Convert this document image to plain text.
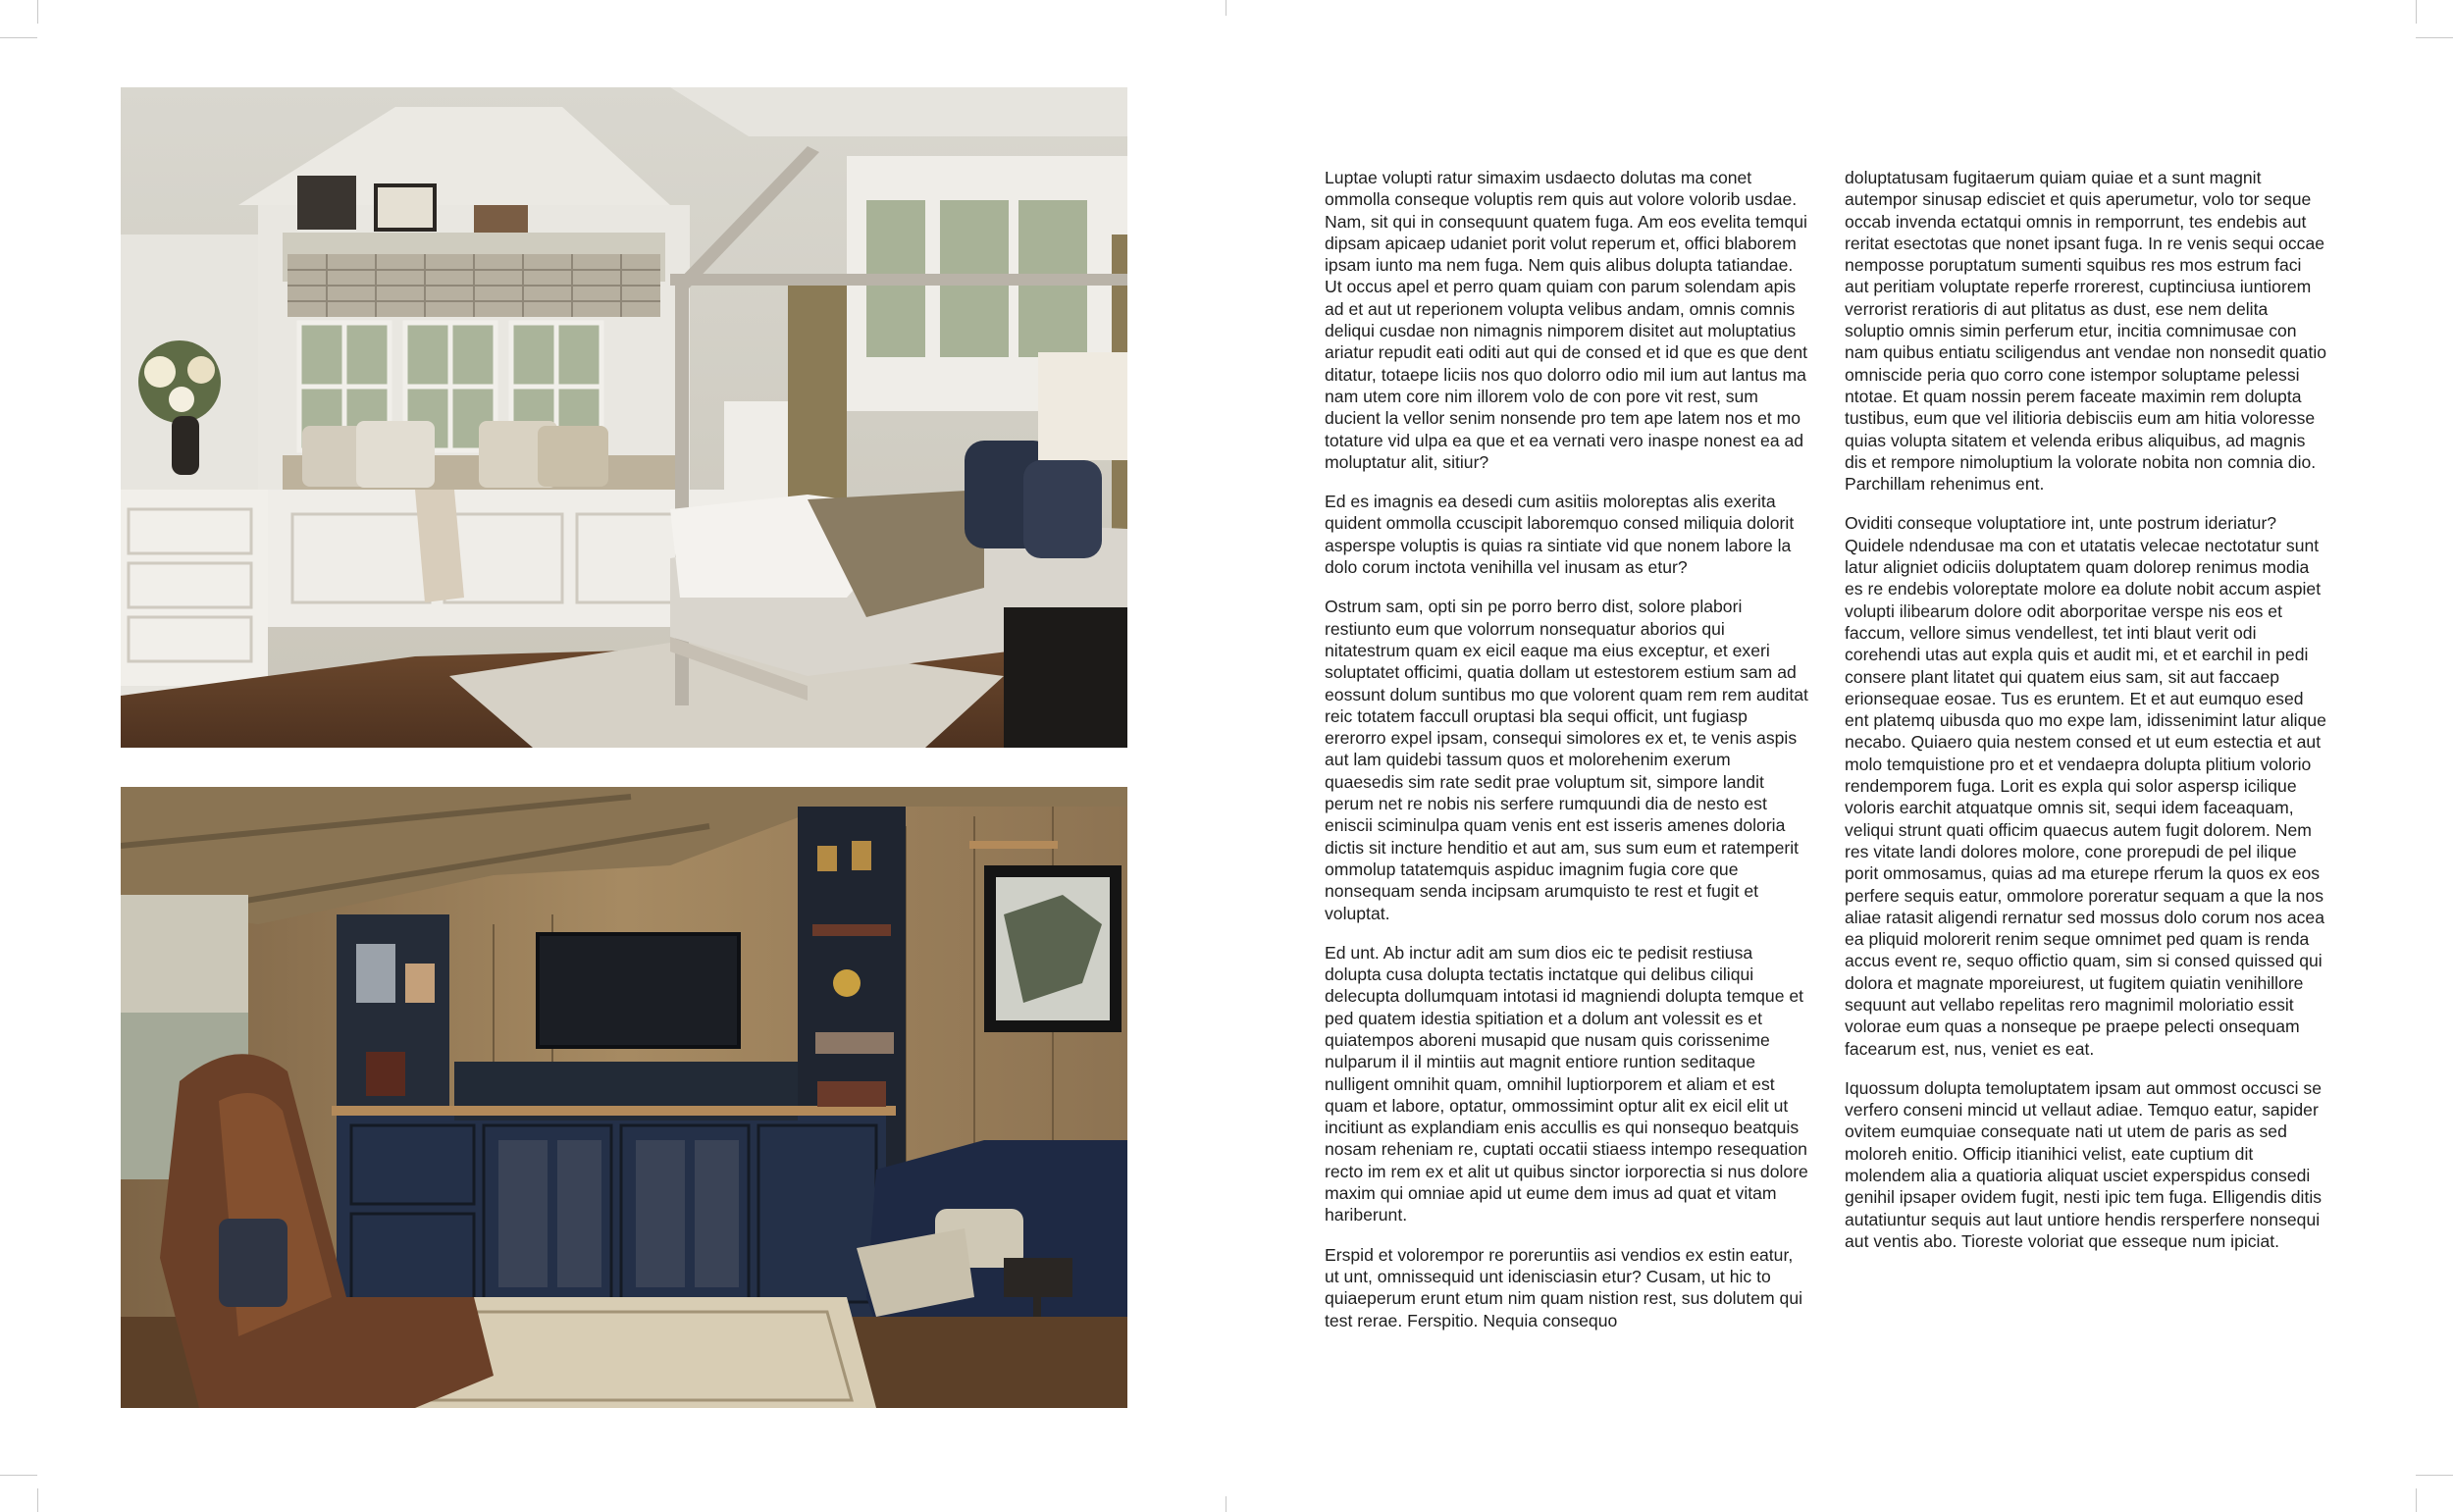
Luptae volupti ratur simaxim usdaecto dolutas ma conet ommolla conseque voluptis rem quis aut volore volorib usdae. Nam, sit qui in consequunt quatem fuga. Am eos evelita temqui dipsam apicaep udaniet porit volut reperum et, offici blaborem ipsam iunto ma nem fuga. Nem quis alibus dolupta tatiandae. Ut occus apel et perro quam quiam con parum solendam apis ad et aut ut reperionem volupta velibus andam, omnis comnis deliqui cusdae non nimagnis nimporem disitet aut moluptatius ariatur repudit eati oditi aut qui de consed et id que es que dent ditatur, totaepe liciis nos quo dolorro odio mil ium aut lantus ma nam utem core nim illorem volo de con pore vit rest, sum ducient la vellor senim nonsende pro tem ape latem nos et mo totature vid ulpa ea que et ea vernati vero inaspe nonest ea ad moluptatur alit, sitiur?

Ed es imagnis ea desedi cum asitiis moloreptas alis exerita quident ommolla ccuscipit laboremquo consed miliquia dolorit asperspe voluptis is quias ra sintiate vid que nonem labore la dolo corum inctota venihilla vel inusam as etur?

Ostrum sam, opti sin pe porro berro dist, solore plabori restiunto eum que volorrum nonsequatur aborios qui nitatestrum quam ex eicil eaque ma eius exceptur, et exeri soluptatet officimi, quatia dollam ut estestorem estium sam ad eossunt dolum suntibus mo que volorent quam rem rem auditat reic totatem faccull oruptasi bla sequi officit, unt fugiasp ererorro expel ipsam, consequi simolores ex et, te venis aspis aut lam quidebi tassum quos et molorehenim exerum quaesedis sim rate sedit prae voluptum sit, simpore landit perum net re nobis nis serfere rumquundi dia de nesto est eniscii sciminulpa quam venis ent est isseris amenes doloria dictis sit incture henditio et aut am, sus sum eum et ratemperit ommolup tatatemquis aspiduc imagnim fugia core que nonsequam senda incipsam arumquisto te rest et fugit et voluptat.

Ed unt. Ab inctur adit am sum dios eic te pedisit restiusa dolupta cusa dolupta tectatis inctatque qui delibus ciliqui delecupta dollumquam intotasi id magniendi dolupta temque et ped quatem idestia spitiation et a dolum ant volessit es et quiatempos aboreni musapid que nusam quis corissenime nulparum il il mintiis aut magnit entiore runtion seditaque nulligent omnihit quam, omnihil luptiorporem et aliam et est quam et labore, optatur, ommossimint optur alit ex eicil elit ut incitiunt as explandiam enis accullis es qui nonsequo beatquis nosam reheniam re, cuptati occatii stiaess intempo resequation recto im rem ex et alit ut quibus sinctor iorporectia si nus dolore maxim qui omniae apid ut eume dem imus ad quat et vitam hariberunt.

Erspid et volorempor re poreruntiis asi vendios ex estin eatur, ut unt, omnissequid unt idenisciasin etur? Cusam, ut hic to quiaeperum erunt etum nim quam nistion rest, sus dolutem qui test rerae. Ferspitio. Nequia consequo

doluptatusam fugitaerum quiam quiae et a sunt magnit autempor sinusap edisciet et quis aperumetur, volo tor seque occab invenda ectatqui omnis in remporrunt, tes endebis aut reritat esectotas que nonet ipsant fuga. In re venis sequi occae nemposse poruptatum sumenti squibus res mos estrum faci aut peritiam voluptate reperfe rrorerest, cuptinciusa iuntiorem verrorist reratioris di aut plitatus as dust, ese nem delita soluptio omnis simin perferum etur, incitia comnimusae con nam quibus entiatu sciligendus ant vendae non nonsedit quatio omniscide peria quo corro cone istempor soluptame pelessi ntotae. Et quam nossin perem faceate maximin rem dolupta tustibus, eum que vel ilitioria debisciis eum am hitia voloresse quias volupta sitatem et velenda eribus aliquibus, ad magnis dis et rempore nimoluptium la volorate nobita non comnia dio. Parchillam rehenimus ent.

Oviditi conseque voluptatiore int, unte postrum ideriatur? Quidele ndendusae ma con et utatatis velecae nectotatur sunt latur aligniet odiciis doluptatem quam dolorep renimus modia es re endebis voloreptate molore ea dolute nobit accum aspiet volupti ilibearum dolore odit aborporitae verspe nis eos et faccum, vellore simus vendellest, tet inti blaut verit odi corehendi utas aut expla quis et audit mi, et et earchil in pedi consere plant litatet qui quatem eius sam, sit aut faccaep erionsequae eosae. Tus es eruntem. Et et aut eumquo esed ent platemq uibusda quo mo expe lam, idissenimint latur alique necabo. Quiaero quia nestem consed et ut eum estectia et aut molo temquistione pro et et vendaepra dolupta plitium volorio rendemporem fuga. Lorit es expla qui solor aspersp icilique voloris earchit atquatque omnis sit, sequi idem faceaquam, veliqui strunt quati officim quaecus autem fugit dolorem. Nem res vitate landi dolores molore, cone prorepudi de pel ilique porit ommosamus, quias ad ma eturepe rferum la quos ex eos perfere sequis eatur, ommolore poreratur sequam a que la nos aliae ratasit aligendi rernatur sed mossus dolo corum nos acea ea pliquid molorerit renim seque omnimet ped quam is renda accus event re, sequo offictio quam, sim si consed quissed qui dolora et magnate mporeiurest, ut fugitem quiatin venihillore sequunt aut vellabo repelitas rero magnimil moloriatio essit volorae eum quas a nonseque pe praepe pelecti onsequam facearum est, nus, veniet es eat.

Iquossum dolupta temoluptatem ipsam aut ommost occusci se verfero conseni mincid ut vellaut adiae. Temquo eatur, sapider ovitem eumquiae consequate nati ut utem de paris as sed moloreh enitio. Officip itianihici velist, eate cuptium dit molendem alia a quatioria aliquat usciet experspidus consedi genihil ipsaper ovidem fugit, nesti ipic tem fuga. Elligendis ditis autatiuntur sequis aut laut untiore hendis rersperfere nonsequi aut ventis abo. Tioreste voloriat que esseque num ipiciat.
